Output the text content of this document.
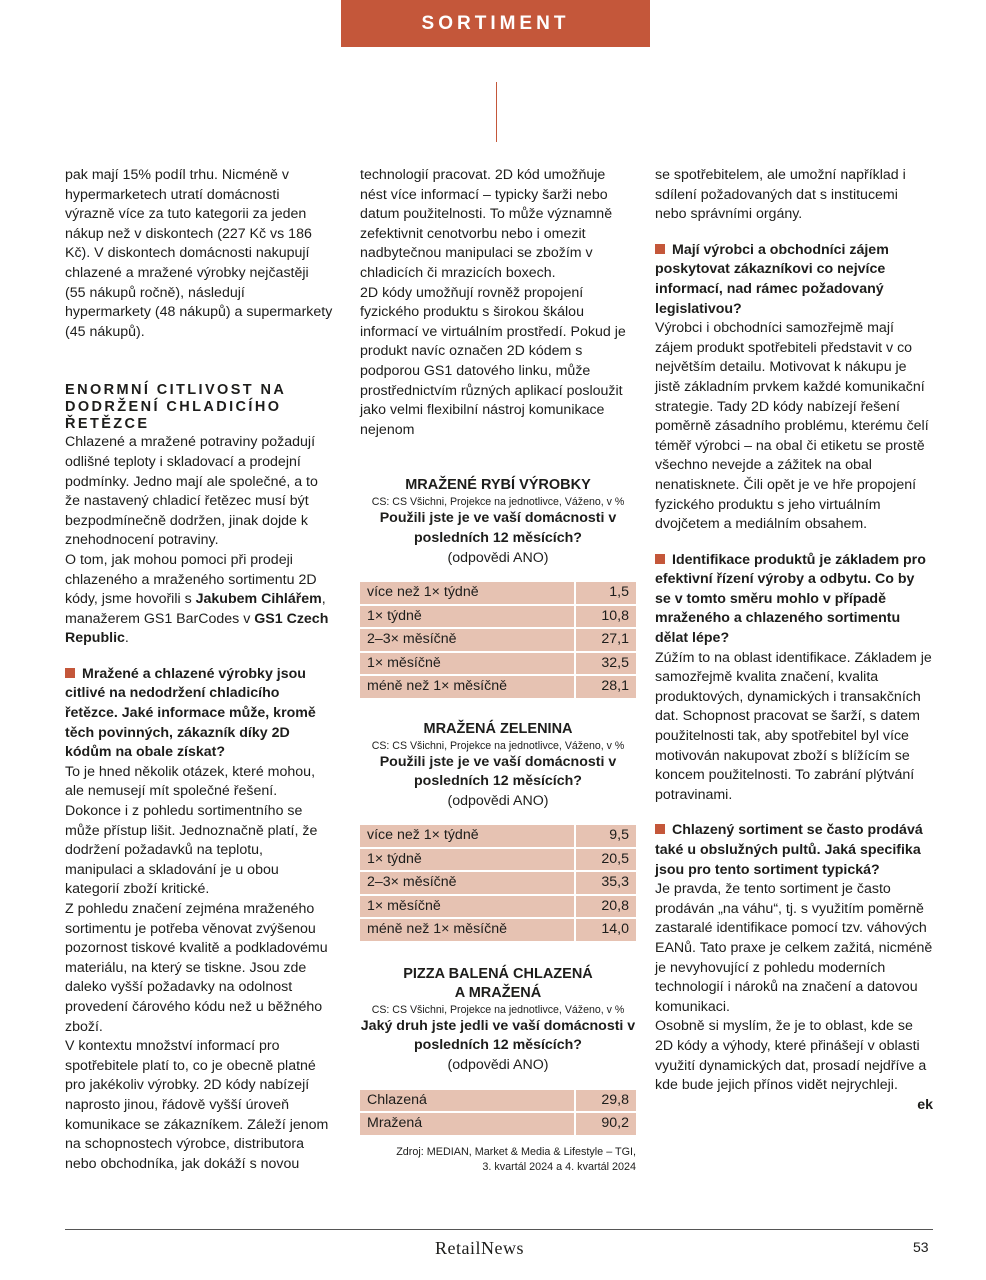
SORTIMENT

pak mají 15% podíl trhu. Nicméně v hypermarketech utratí domácnosti výrazně více za tuto kategorii za jeden nákup než v diskontech (227 Kč vs 186 Kč). V diskontech domácnosti nakupují chlazené a mražené výrobky nejčastěji (55 nákupů ročně), následují hypermarkety (48 nákupů) a supermarkety (45 nákupů).

ENORMNÍ CITLIVOST NA DODRŽENÍ CHLADICÍHO ŘETĚZCE

Chlazené a mražené potraviny požadují odlišné teploty i skladovací a prodejní podmínky. Jedno mají ale společné, a to že nastavený chladicí řetězec musí být bezpodmínečně dodržen, jinak dojde k znehodnocení potraviny.

O tom, jak mohou pomoci při prodeji chlazeného a mraženého sortimentu 2D kódy, jsme hovořili s Jakubem Cihlářem, manažerem GS1 BarCodes v GS1 Czech Republic.

Mražené a chlazené výrobky jsou citlivé na nedodržení chladicího řetězce. Jaké informace může, kromě těch povinných, zákazník díky 2D kódům na obale získat?

To je hned několik otázek, které mohou, ale nemusejí mít společné řešení. Dokonce i z pohledu sortimentního se může přístup lišit. Jednoznačně platí, že dodržení požadavků na teplotu, manipulaci a skladování je u obou kategorií zboží kritické.

Z pohledu značení zejména mraženého sortimentu je potřeba věnovat zvýšenou pozornost tiskové kvalitě a podkladovému materiálu, na který se tiskne. Jsou zde daleko vyšší požadavky na odolnost provedení čárového kódu než u běžného zboží.

V kontextu množství informací pro spotřebitele platí to, co je obecně platné pro jakékoliv výrobky. 2D kódy nabízejí naprosto jinou, řádově vyšší úroveň komunikace se zákazníkem. Záleží jenom na schopnostech výrobce, distributora nebo obchodníka, jak dokáží s novou

technologií pracovat. 2D kód umožňuje nést více informací – typicky šarži nebo datum použitelnosti. To může významně zefektivnit cenotvorbu nebo i omezit nadbytečnou manipulaci se zbožím v chladicích či mrazicích boxech.

2D kódy umožňují rovněž propojení fyzického produktu s širokou škálou informací ve virtuálním prostředí. Pokud je produkt navíc označen 2D kódem s podporou GS1 datového linku, může prostřednictvím různých aplikací posloužit jako velmi flexibilní nástroj komunikace nejenom

MRAŽENÉ RYBÍ VÝROBKY
CS: CS Všichni, Projekce na jednotlivce, Váženo, v %
Použili jste je ve vaší domácnosti v posledních 12 měsících?
(odpovědi ANO)
více než 1× týdně	1,5
1× týdně	10,8
2–3× měsíčně	27,1
1× měsíčně	32,5
méně než 1× měsíčně	28,1
MRAŽENÁ ZELENINA
CS: CS Všichni, Projekce na jednotlivce, Váženo, v %
Použili jste je ve vaší domácnosti v posledních 12 měsících?
(odpovědi ANO)
více než 1× týdně	9,5
1× týdně	20,5
2–3× měsíčně	35,3
1× měsíčně	20,8
méně než 1× měsíčně	14,0
PIZZA BALENÁ CHLAZENÁ A MRAŽENÁ
CS: CS Všichni, Projekce na jednotlivce, Váženo, v %
Jaký druh jste jedli ve vaší domácnosti v posledních 12 měsících?
(odpovědi ANO)
Chlazená	29,8
Mražená	90,2
Zdroj: MEDIAN, Market & Media & Lifestyle – TGI, 3. kvartál 2024 a 4. kvartál 2024

se spotřebitelem, ale umožní například i sdílení požadovaných dat s institucemi nebo správními orgány.

Mají výrobci a obchodníci zájem poskytovat zákazníkovi co nejvíce informací, nad rámec požadovaný legislativou?

Výrobci i obchodníci samozřejmě mají zájem produkt spotřebiteli představit v co největším detailu. Motivovat k nákupu je jistě základním prvkem každé komunikační strategie. Tady 2D kódy nabízejí řešení poměrně zásadního problému, kterému čelí téměř výrobci – na obal či etiketu se prostě všechno nevejde a zážitek na obal nenatisknete. Čili opět je ve hře propojení fyzického produktu s jeho virtuálním dvojčetem a mediálním obsahem.

Identifikace produktů je základem pro efektivní řízení výroby a odbytu. Co by se v tomto směru mohlo v případě mraženého a chlazeného sortimentu dělat lépe?

Zúžím to na oblast identifikace. Základem je samozřejmě kvalita značení, kvalita produktových, dynamických i transakčních dat. Schopnost pracovat se šarží, s datem použitelnosti tak, aby spotřebitel byl více motivován nakupovat zboží s blížícím se koncem použitelnosti. To zabrání plýtvání potravinami.

Chlazený sortiment se často prodává také u obslužných pultů. Jaká specifika jsou pro tento sortiment typická?

Je pravda, že tento sortiment je často prodáván „na váhu“, tj. s využitím poměrně zastaralé identifikace pomocí tzv. váhových EANů. Tato praxe je celkem zažitá, nicméně je nevyhovující z pohledu moderních technologií i nároků na značení a datovou komunikaci.

Osobně si myslím, že je to oblast, kde se 2D kódy a výhody, které přinášejí v oblasti využití dynamických dat, prosadí nejdříve a kde bude jejich přínos vidět nejrychleji.

ek

RetailNews	53
